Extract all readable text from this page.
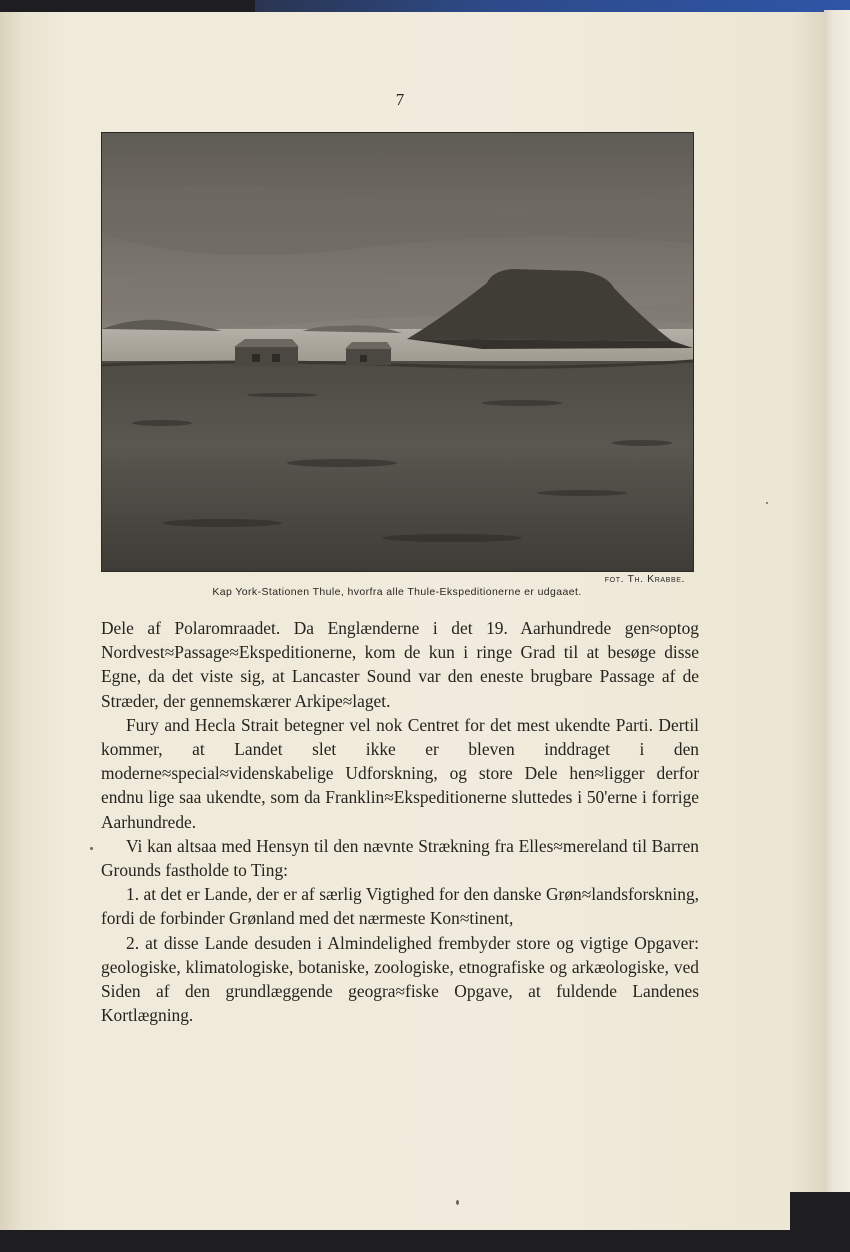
7
fot. Th. Krabbe.
Kap York-Stationen Thule, hvorfra alle Thule-Ekspeditionerne er udgaaet.

Dele af Polaromraadet. Da Englænderne i det 19. Aarhundrede gen≈optog Nordvest≈Passage≈Ekspeditionerne, kom de kun i ringe Grad til at besøge disse Egne, da det viste sig, at Lancaster Sound var den eneste brugbare Passage af de Stræder, der gennemskærer Arkipe≈laget.

Fury and Hecla Strait betegner vel nok Centret for det mest ukendte Parti. Dertil kommer, at Landet slet ikke er bleven inddraget i den moderne≈special≈videnskabelige Udforskning, og store Dele hen≈ligger derfor endnu lige saa ukendte, som da Franklin≈Ekspeditionerne sluttedes i 50'erne i forrige Aarhundrede.

Vi kan altsaa med Hensyn til den nævnte Strækning fra Elles≈mereland til Barren Grounds fastholde to Ting:

1. at det er Lande, der er af særlig Vigtighed for den danske Grøn≈landsforskning, fordi de forbinder Grønland med det nærmeste Kon≈tinent,

2. at disse Lande desuden i Almindelighed frembyder store og vigtige Opgaver: geologiske, klimatologiske, botaniske, zoologiske, etnografiske og arkæologiske, ved Siden af den grundlæggende geogra≈fiske Opgave, at fuldende Landenes Kortlægning.
